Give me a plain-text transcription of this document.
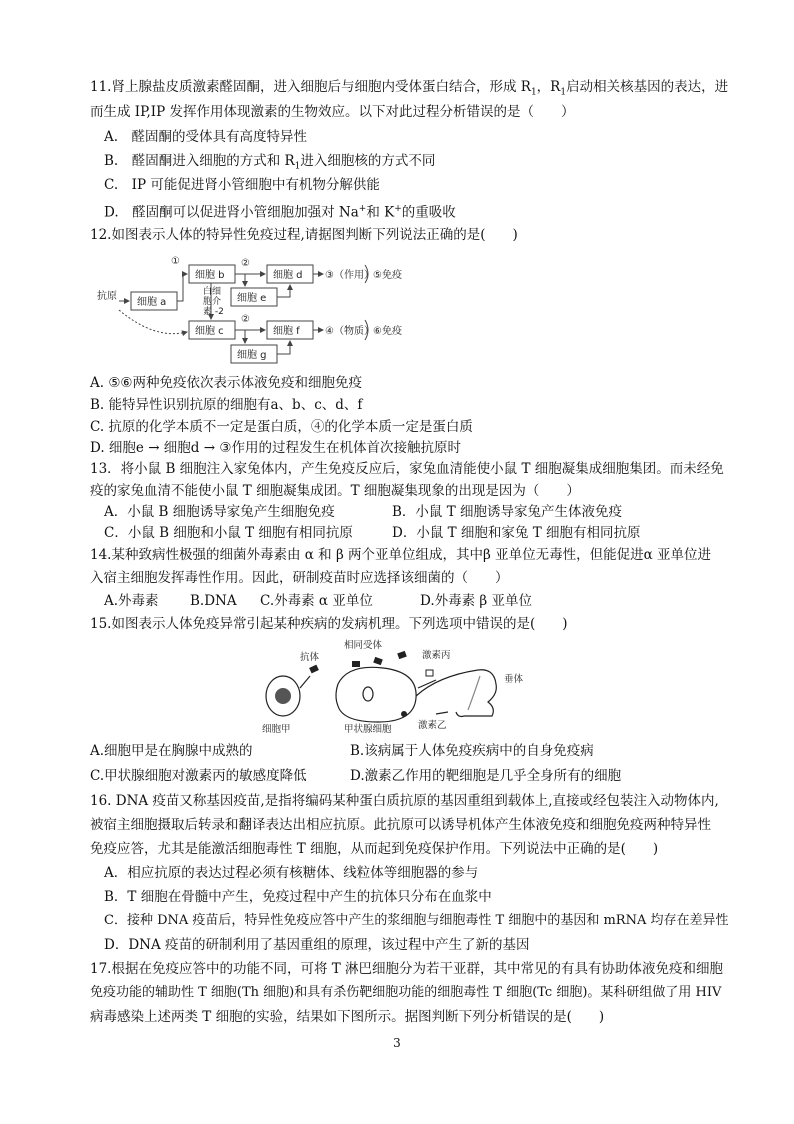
11.肾上腺盐皮质激素醛固酮，进入细胞后与细胞内受体蛋白结合，形成 $R_1$，$R_1$启动相关核基因的表达，进
而生成 IP,IP 发挥作用体现激素的生物效应。以下对此过程分析错误的是（　　）
A.　醛固酮的受体具有高度特异性
B.　醛固酮进入细胞的方式和 $R_1$进入细胞核的方式不同
C.　IP 可能促进肾小管细胞中有机物分解供能
D.　醛固酮可以促进肾小管细胞加强对 Na+和 K+的重吸收
12.如图表示人体的特异性免疫过程,请据图判断下列说法正确的是(　　)
抗原
细胞 a
细胞 b
细胞 c
细胞 d
细胞 e
细胞 f
细胞 g
白细
胞介
素 -2
①	②
②
③（作用）
④（物质）
⑤免疫
⑥免疫
A. ⑤⑥两种免疫依次表示体液免疫和细胞免疫
B. 能特异性识别抗原的细胞有a、b、c、d、f
C. 抗原的化学本质不一定是蛋白质，④的化学本质一定是蛋白质
D. 细胞e → 细胞d → ③作用的过程发生在机体首次接触抗原时
13．将小鼠 B 细胞注入家兔体内，产生免疫反应后，家兔血清能使小鼠 T 细胞凝集成细胞集团。而未经免
疫的家兔血清不能使小鼠 T 细胞凝集成团。T 细胞凝集现象的出现是因为（　　）
A．小鼠 B 细胞诱导家兔产生细胞免疫	B．小鼠 T 细胞诱导家兔产生体液免疫
C．小鼠 B 细胞和小鼠 T 细胞有相同抗原	D．小鼠 T 细胞和家兔 T 细胞有相同抗原
14.某种致病性极强的细菌外毒素由 α 和 β 两个亚单位组成，其中β 亚单位无毒性，但能促进α 亚单位进
入宿主细胞发挥毒性作用。因此，研制疫苗时应选择该细菌的（　　）
A.外毒素 B.DNA C.外毒素 α 亚单位	D.外毒素 β 亚单位
15.如图表示人体免疫异常引起某种疾病的发病机理。下列选项中错误的是(　　)
抗体
相同受体
激素丙
垂体
细胞甲	甲状腺细胞	激素乙
A.细胞甲是在胸腺中成熟的	B.该病属于人体免疫疾病中的自身免疫病
C.甲状腺细胞对激素丙的敏感度降低	D.激素乙作用的靶细胞是几乎全身所有的细胞
16. DNA 疫苗又称基因疫苗,是指将编码某种蛋白质抗原的基因重组到载体上,直接或经包装注入动物体内,
被宿主细胞摄取后转录和翻译表达出相应抗原。此抗原可以诱导机体产生体液免疫和细胞免疫两种特异性
免疫应答，尤其是能激活细胞毒性 T 细胞，从而起到免疫保护作用。下列说法中正确的是(　　)
A．相应抗原的表达过程必须有核糖体、线粒体等细胞器的参与
B．T 细胞在骨髓中产生，免疫过程中产生的抗体只分布在血浆中
C．接种 DNA 疫苗后，特异性免疫应答中产生的浆细胞与细胞毒性 T 细胞中的基因和 mRNA 均存在差异性
D．DNA 疫苗的研制利用了基因重组的原理，该过程中产生了新的基因
17.根据在免疫应答中的功能不同，可将 T 淋巴细胞分为若干亚群，其中常见的有具有协助体液免疫和细胞
免疫功能的辅助性 T 细胞(Th 细胞)和具有杀伤靶细胞功能的细胞毒性 T 细胞(Tc 细胞)。某科研组做了用 HIV
病毒感染上述两类 T 细胞的实验，结果如下图所示。据图判断下列分析错误的是(　　)
3
